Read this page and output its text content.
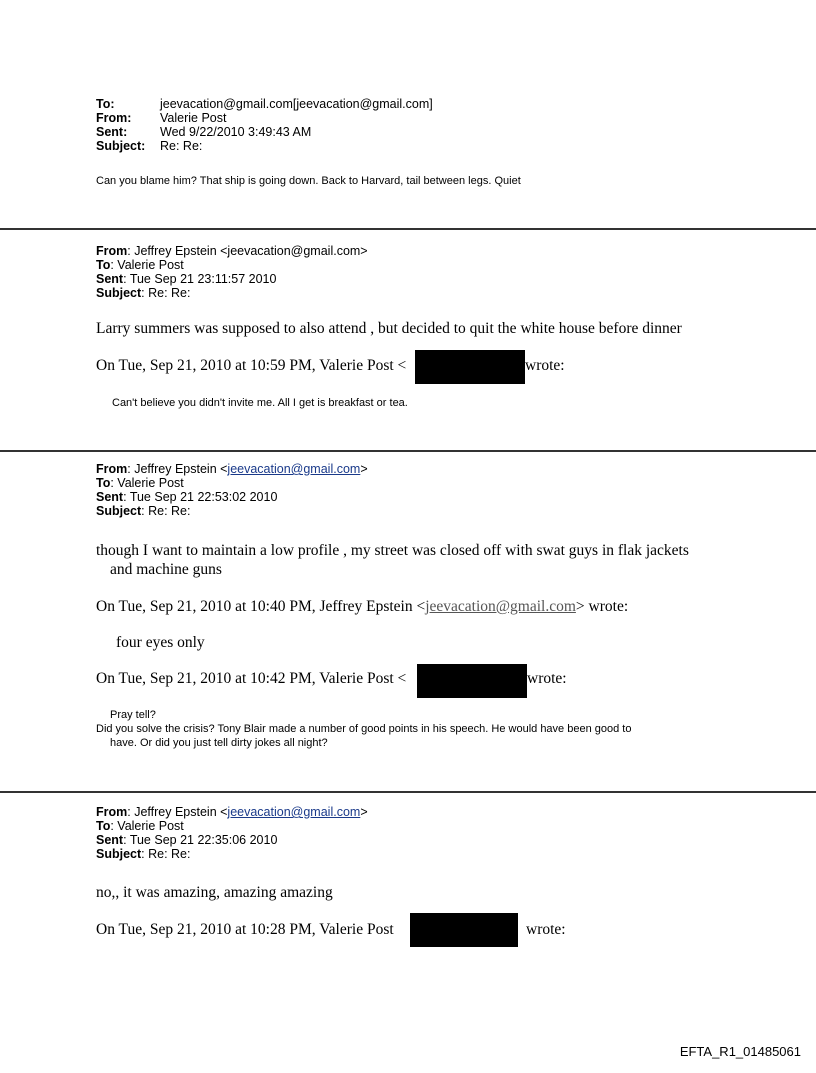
To:	jeevacation@gmail.com[jeevacation@gmail.com]
From: Valerie Post
Sent:	Wed 9/22/2010 3:49:43 AM
Subject: Re: Re:
Can you blame him? That ship is going down. Back to Harvard, tail between legs. Quiet
From: Jeffrey Epstein <jeevacation@gmail.com>
To: Valerie Post
Sent: Tue Sep 21 23:11:57 2010
Subject: Re: Re:
Larry summers was supposed to also attend , but decided to quit the white house before dinner
On Tue, Sep 21, 2010 at 10:59 PM, Valerie Post <	wrote:
Can't believe you didn't invite me. All I get is breakfast or tea.
From: Jeffrey Epstein <jeevacation@gmail.com>
To: Valerie Post
Sent: Tue Sep 21 22:53:02 2010
Subject: Re: Re:
though I want to maintain a low profile , my street was closed off with swat guys in flak jackets
and machine guns
On Tue, Sep 21, 2010 at 10:40 PM, Jeffrey Epstein <jeevacation@gmail.com> wrote:
four eyes only
On Tue, Sep 21, 2010 at 10:42 PM, Valerie Post <	wrote:
Pray tell?
Did you solve the crisis? Tony Blair made a number of good points in his speech. He would have been good to
have. Or did you just tell dirty jokes all night?
From: Jeffrey Epstein <jeevacation@gmail.com>
To: Valerie Post
Sent: Tue Sep 21 22:35:06 2010
Subject: Re: Re:
no,, it was amazing, amazing amazing
On Tue, Sep 21, 2010 at 10:28 PM, Valerie Post	wrote:
EFTA_R1_01485061
